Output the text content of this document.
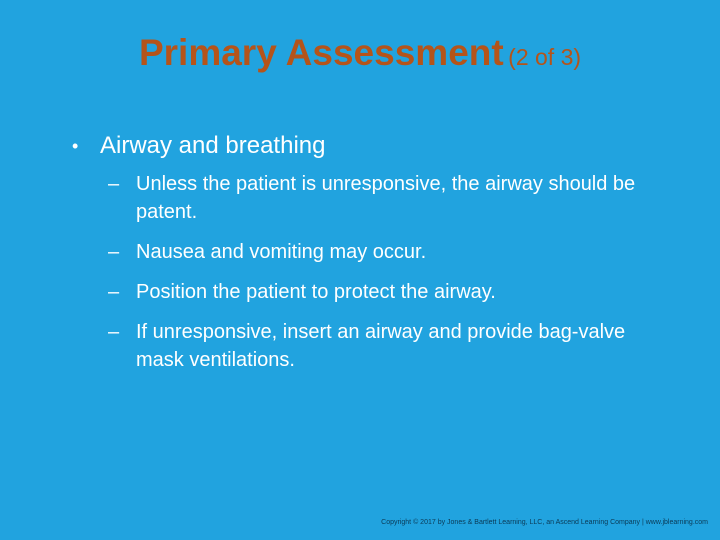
Primary Assessment (2 of 3)
• Airway and breathing
– Unless the patient is unresponsive, the airway should be patent.
– Nausea and vomiting may occur.
– Position the patient to protect the airway.
– If unresponsive, insert an airway and provide bag-valve mask ventilations.
Copyright © 2017 by Jones & Bartlett Learning, LLC, an Ascend Learning Company | www.jblearning.com
